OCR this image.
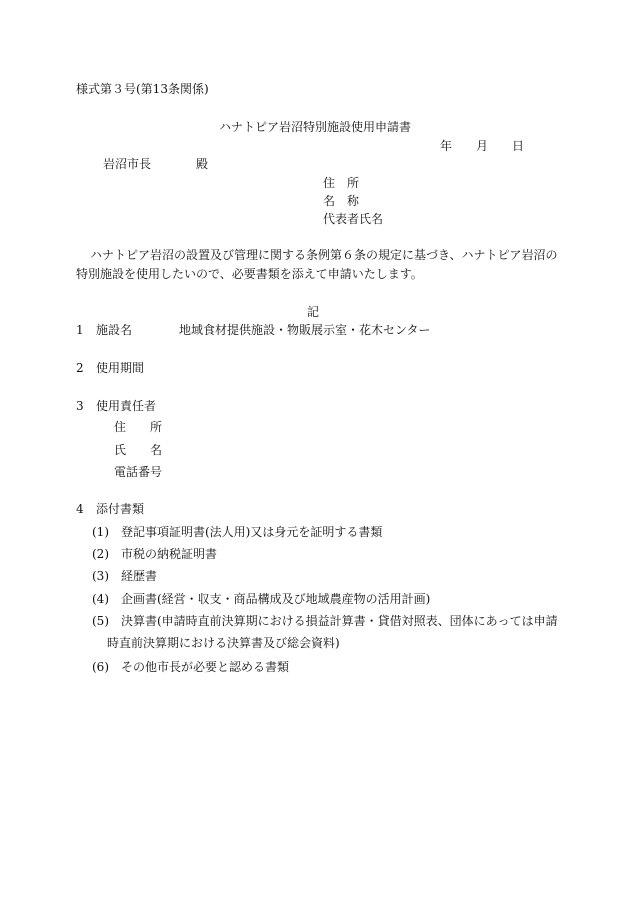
様式第３号(第13条関係)
ハナトピア岩沼特別施設使用申請書
年 月 日
岩沼市長	殿
住　所
名　称
代表者氏名
ハナトピア岩沼の設置及び管理に関する条例第６条の規定に基づき、ハナトピア岩沼の
特別施設を使用したいので、必要書類を添えて申請いたします。
記
1 施設名	地域食材提供施設・物販展示室・花木センター
2 使用期間
3 使用責任者
住　　所
氏　　名
電話番号
4 添付書類
(1) 登記事項証明書(法人用)又は身元を証明する書類
(2) 市税の納税証明書
(3) 経歴書
(4) 企画書(経営・収支・商品構成及び地域農産物の活用計画)
(5) 決算書(申請時直前決算期における損益計算書・貸借対照表、団体にあっては申請
時直前決算期における決算書及び総会資料)
(6) その他市長が必要と認める書類
